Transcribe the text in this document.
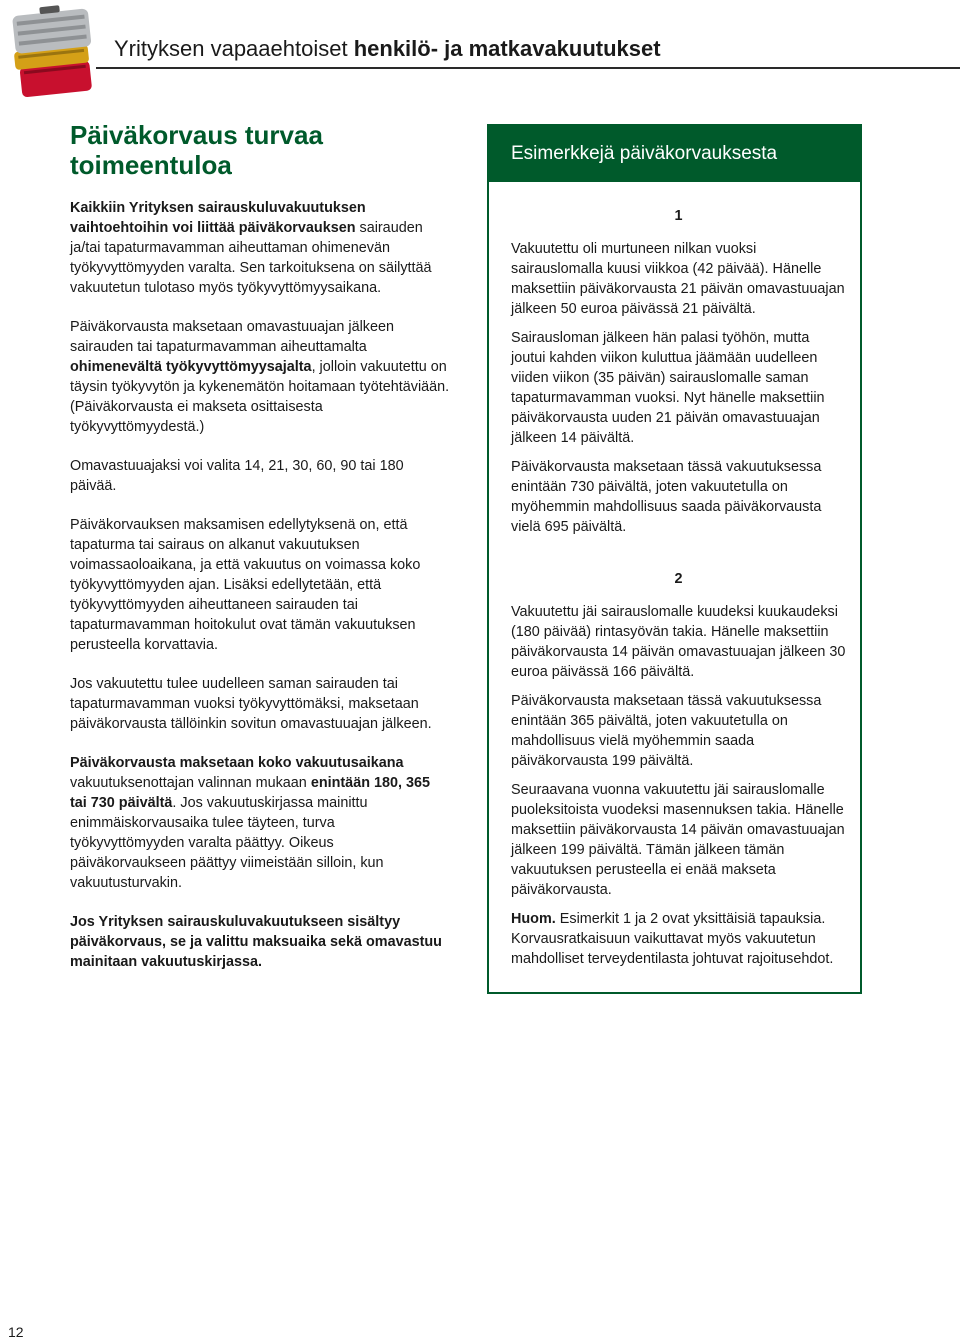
Yrityksen vapaaehtoiset henkilö- ja matkavakuutukset
Päiväkorvaus turvaa toimeentuloa

Kaikkiin Yrityksen sairauskuluvakuutuksen vaihtoehtoihin voi liittää päiväkorvauksen sairauden ja/tai tapaturmavamman aiheuttaman ohimenevän työkyvyttömyyden varalta. Sen tarkoituksena on säilyttää vakuutetun tulotaso myös työkyvyttömyysaikana.

Päiväkorvausta maksetaan omavastuuajan jälkeen sairauden tai tapaturmavamman aiheuttamalta ohimenevältä työkyvyttömyysajalta, jolloin vakuutettu on täysin työkyvytön ja kykenemätön hoitamaan työtehtäviään. (Päiväkorvausta ei makseta osittaisesta työkyvyttömyydestä.)

Omavastuuajaksi voi valita 14, 21, 30, 60, 90 tai 180 päivää.

Päiväkorvauksen maksamisen edellytyksenä on, että tapaturma tai sairaus on alkanut vakuutuksen voimassaoloaikana, ja että vakuutus on voimassa koko työkyvyttömyyden ajan. Lisäksi edellytetään, että työkyvyttömyyden aiheuttaneen sairauden tai tapaturmavamman hoitokulut ovat tämän vakuutuksen perusteella korvattavia.

Jos vakuutettu tulee uudelleen saman sairauden tai tapaturmavamman vuoksi työkyvyttömäksi, maksetaan päiväkorvausta tällöinkin sovitun omavastuuajan jälkeen.

Päiväkorvausta maksetaan koko vakuutusaikana vakuutuksenottajan valinnan mukaan enintään 180, 365 tai 730 päivältä. Jos vakuutuskirjassa mainittu enimmäiskorvausaika tulee täyteen, turva työkyvyttömyyden varalta päättyy. Oikeus päiväkorvaukseen päättyy viimeistään silloin, kun vakuutusturvakin.

Jos Yrityksen sairauskuluvakuutukseen sisältyy päiväkorvaus, se ja valittu maksuaika sekä omavastuu mainitaan vakuutuskirjassa.

Esimerkkejä päiväkorvauksesta
1

Vakuutettu oli murtuneen nilkan vuoksi sairauslomalla kuusi viikkoa (42 päivää). Hänelle maksettiin päiväkorvausta 21 päivän omavastuuajan jälkeen 50 euroa päivässä 21 päivältä.

Sairausloman jälkeen hän palasi työhön, mutta joutui kahden viikon kuluttua jäämään uudelleen viiden viikon (35 päivän) sairauslomalle saman tapaturmavamman vuoksi. Nyt hänelle maksettiin päiväkorvausta uuden 21 päivän omavastuuajan jälkeen 14 päivältä.

Päiväkorvausta maksetaan tässä vakuutuksessa enintään 730 päivältä, joten vakuutetulla on myöhemmin mahdollisuus saada päiväkorvausta vielä 695 päivältä.

2

Vakuutettu jäi sairauslomalle kuudeksi kuukaudeksi (180 päivää) rintasyövän takia. Hänelle maksettiin päiväkorvausta 14 päivän omavastuuajan jälkeen 30 euroa päivässä 166 päivältä.

Päiväkorvausta maksetaan tässä vakuutuksessa enintään 365 päivältä, joten vakuutetulla on mahdollisuus vielä myöhemmin saada päiväkorvausta 199 päivältä.

Seuraavana vuonna vakuutettu jäi sairauslomalle puoleksitoista vuodeksi masennuksen takia. Hänelle maksettiin päiväkorvausta 14 päivän omavastuuajan jälkeen 199 päivältä. Tämän jälkeen tämän vakuutuksen perusteella ei enää makseta päiväkorvausta.

Huom. Esimerkit 1 ja 2 ovat yksittäisiä tapauksia. Korvausratkaisuun vaikuttavat myös vakuutetun mahdolliset terveydentilasta johtuvat rajoitusehdot.

12
